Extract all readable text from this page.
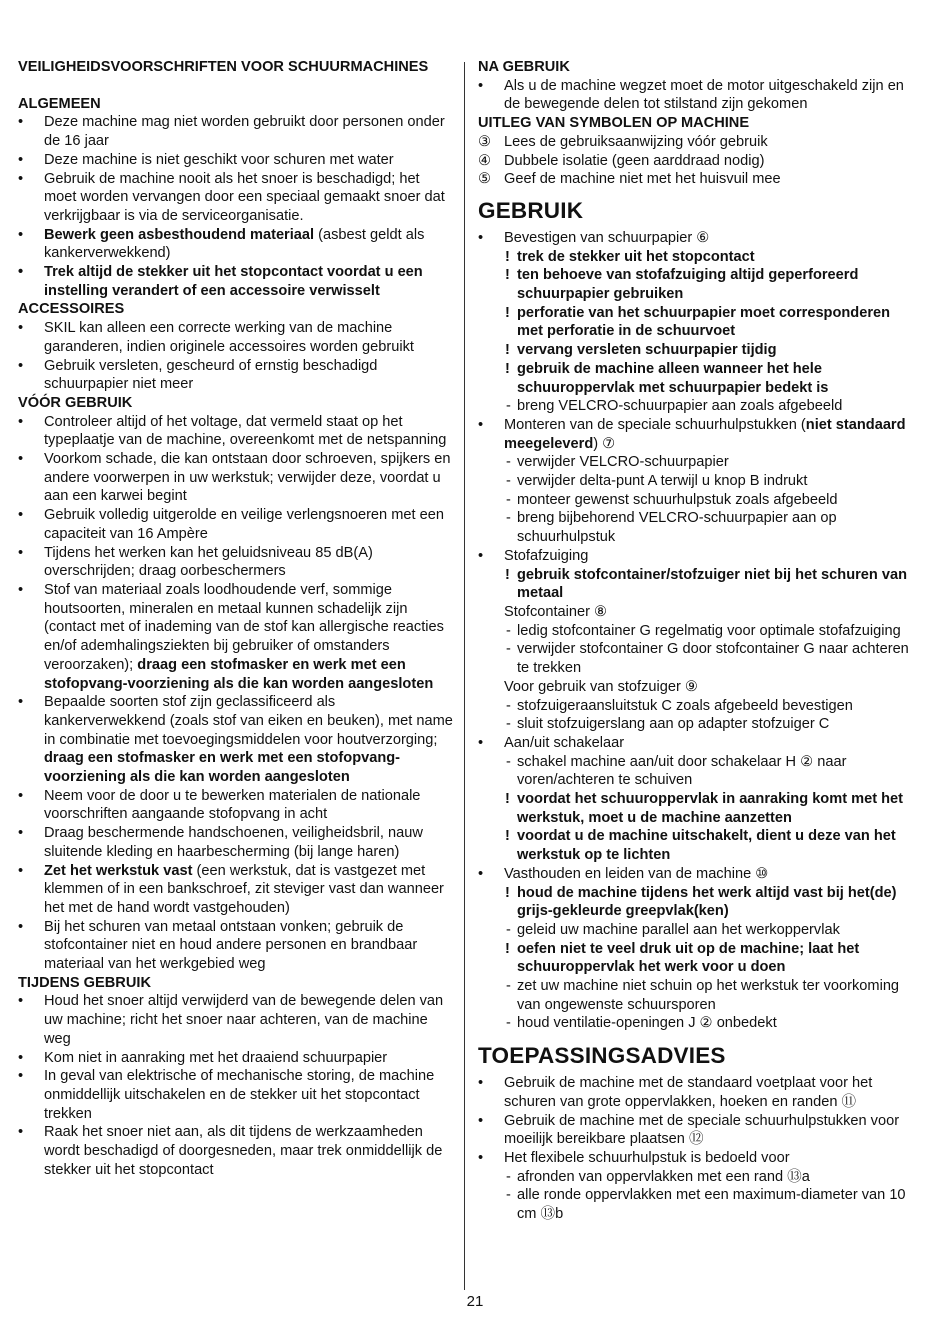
VEILIGHEIDSVOORSCHRIFTEN VOOR SCHUURMACHINES
ALGEMEEN
• Deze machine mag niet worden gebruikt door personen onder de 16 jaar
• Deze machine is niet geschikt voor schuren met water
• Gebruik de machine nooit als het snoer is beschadigd; het moet worden vervangen door een speciaal gemaakt snoer dat verkrijgbaar is via de serviceorganisatie.
• Bewerk geen asbesthoudend materiaal (asbest geldt als kankerverwekkend)
• Trek altijd de stekker uit het stopcontact voordat u een instelling verandert of een accessoire verwisselt
ACCESSOIRES
• SKIL kan alleen een correcte werking van de machine garanderen, indien originele accessoires worden gebruikt
• Gebruik versleten, gescheurd of ernstig beschadigd schuurpapier niet meer
VÓÓR GEBRUIK
• Controleer altijd of het voltage, dat vermeld staat op het typeplaatje van de machine, overeenkomt met de netspanning
• Voorkom schade, die kan ontstaan door schroeven, spijkers en andere voorwerpen in uw werkstuk; verwijder deze, voordat u aan een karwei begint
• Gebruik volledig uitgerolde en veilige verlengsnoeren met een capaciteit van 16 Ampère
• Tijdens het werken kan het geluidsniveau 85 dB(A) overschrijden; draag oorbeschermers
• Stof van materiaal zoals loodhoudende verf, sommige houtsoorten, mineralen en metaal kunnen schadelijk zijn (contact met of inademing van de stof kan allergische reacties en/of ademhalingsziekten bij gebruiker of omstanders veroorzaken); draag een stofmasker en werk met een stofopvang-voorziening als die kan worden aangesloten
• Bepaalde soorten stof zijn geclassificeerd als kankerverwekkend (zoals stof van eiken en beuken), met name in combinatie met toevoegingsmiddelen voor houtverzorging; draag een stofmasker en werk met een stofopvang-voorziening als die kan worden aangesloten
• Neem voor de door u te bewerken materialen de nationale voorschriften aangaande stofopvang in acht
• Draag beschermende handschoenen, veiligheidsbril, nauw sluitende kleding en haarbescherming (bij lange haren)
• Zet het werkstuk vast (een werkstuk, dat is vastgezet met klemmen of in een bankschroef, zit steviger vast dan wanneer het met de hand wordt vastgehouden)
• Bij het schuren van metaal ontstaan vonken; gebruik de stofcontainer niet en houd andere personen en brandbaar materiaal van het werkgebied weg
TIJDENS GEBRUIK
• Houd het snoer altijd verwijderd van de bewegende delen van uw machine; richt het snoer naar achteren, van de machine weg
• Kom niet in aanraking met het draaiend schuurpapier
• In geval van elektrische of mechanische storing, de machine onmiddellijk uitschakelen en de stekker uit het stopcontact trekken
• Raak het snoer niet aan, als dit tijdens de werkzaamheden wordt beschadigd of doorgesneden, maar trek onmiddellijk de stekker uit het stopcontact
NA GEBRUIK
• Als u de machine wegzet moet de motor uitgeschakeld zijn en de bewegende delen tot stilstand zijn gekomen
UITLEG VAN SYMBOLEN OP MACHINE
③ Lees de gebruiksaanwijzing vóór gebruik
④ Dubbele isolatie (geen aarddraad nodig)
⑤ Geef de machine niet met het huisvuil mee
GEBRUIK
• Bevestigen van schuurpapier ⑥
! trek de stekker uit het stopcontact
! ten behoeve van stofafzuiging altijd geperforeerd schuurpapier gebruiken
! perforatie van het schuurpapier moet corresponderen met perforatie in de schuurvoet
! vervang versleten schuurpapier tijdig
! gebruik de machine alleen wanneer het hele schuuroppervlak met schuurpapier bedekt is
- breng VELCRO-schuurpapier aan zoals afgebeeld
• Monteren van de speciale schuurhulpstukken (niet standaard meegeleverd) ⑦
- verwijder VELCRO-schuurpapier
- verwijder delta-punt A terwijl u knop B indrukt
- monteer gewenst schuurhulpstuk zoals afgebeeld
- breng bijbehorend VELCRO-schuurpapier aan op schuurhulpstuk
• Stofafzuiging
! gebruik stofcontainer/stofzuiger niet bij het schuren van metaal
Stofcontainer ⑧
- ledig stofcontainer G regelmatig voor optimale stofafzuiging
- verwijder stofcontainer G door stofcontainer G naar achteren te trekken
Voor gebruik van stofzuiger ⑨
- stofzuigeraansluitstuk C zoals afgebeeld bevestigen
- sluit stofzuigerslang aan op adapter stofzuiger C
• Aan/uit schakelaar
- schakel machine aan/uit door schakelaar H ② naar voren/achteren te schuiven
! voordat het schuuroppervlak in aanraking komt met het werkstuk, moet u de machine aanzetten
! voordat u de machine uitschakelt, dient u deze van het werkstuk op te lichten
• Vasthouden en leiden van de machine ⑩
! houd de machine tijdens het werk altijd vast bij het(de) grijs-gekleurde greepvlak(ken)
- geleid uw machine parallel aan het werkoppervlak
! oefen niet te veel druk uit op de machine; laat het schuuroppervlak het werk voor u doen
- zet uw machine niet schuin op het werkstuk ter voorkoming van ongewenste schuursporen
- houd ventilatie-openingen J ② onbedekt
TOEPASSINGSADVIES
• Gebruik de machine met de standaard voetplaat voor het schuren van grote oppervlakken, hoeken en randen ⑪
• Gebruik de machine met de speciale schuurhulpstukken voor moeilijk bereikbare plaatsen ⑫
• Het flexibele schuurhulpstuk is bedoeld voor
- afronden van oppervlakken met een rand ⑬a
- alle ronde oppervlakken met een maximum-diameter van 10 cm ⑬b
21
